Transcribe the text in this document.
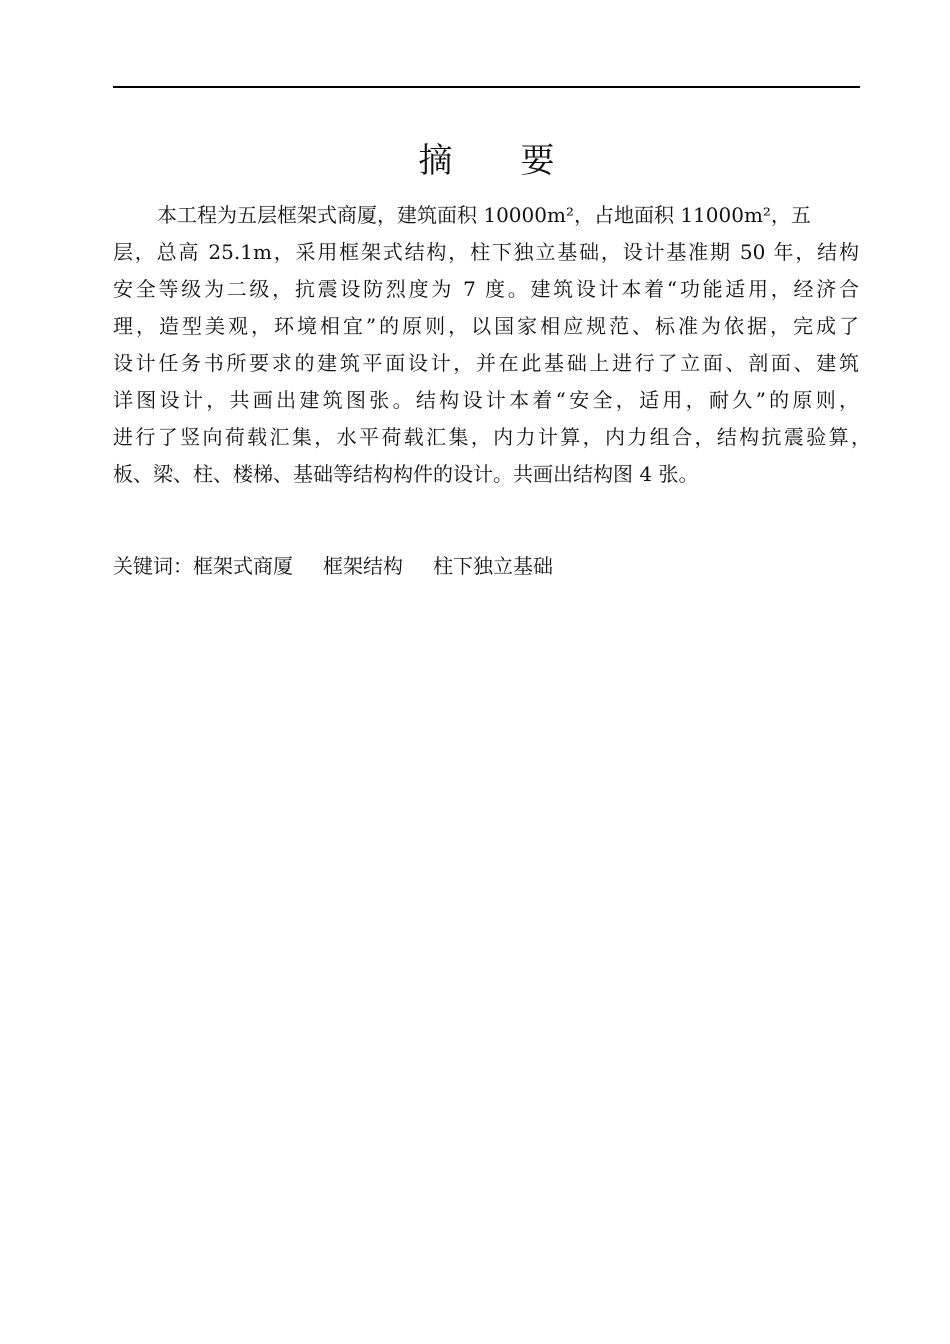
摘 要
本工程为五层框架式商厦，建筑面积 10000m²，占地面积 11000m²，五
层，总高 25.1m，采用框架式结构，柱下独立基础，设计基准期 50 年，结构
安全等级为二级，抗震设防烈度为 7 度。建筑设计本着“功能适用，经济合
理，造型美观，环境相宜”的原则，以国家相应规范、标准为依据，完成了
设计任务书所要求的建筑平面设计，并在此基础上进行了立面、剖面、建筑
详图设计，共画出建筑图张。结构设计本着“安全，适用，耐久”的原则，
进行了竖向荷载汇集，水平荷载汇集，内力计算，内力组合，结构抗震验算，
板、梁、柱、楼梯、基础等结构构件的设计。共画出结构图 4 张。
关键词：框架式商厦 框架结构 柱下独立基础
